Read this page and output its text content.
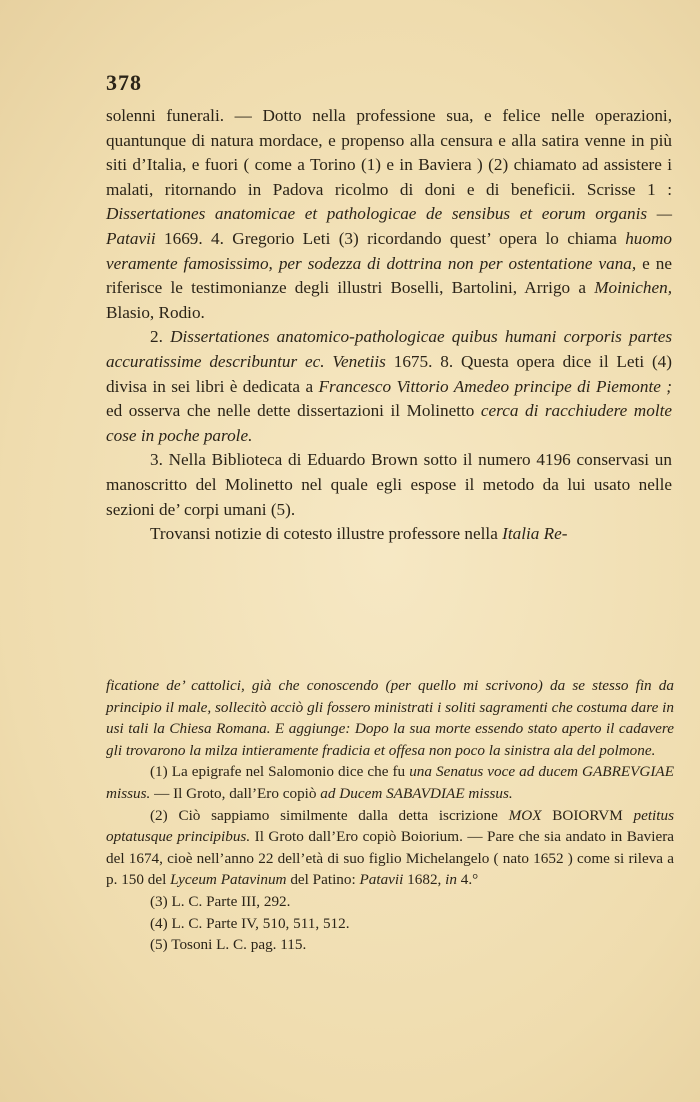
378

solenni funerali. — Dotto nella professione sua, e felice nelle operazioni, quantunque di natura mordace, e propenso alla censura e alla satira venne in più siti d’Italia, e fuori ( come a Torino (1) e in Baviera ) (2) chiamato ad assistere i malati, ritornando in Padova ricolmo di doni e di beneficii. Scrisse 1 : Dissertationes anatomicae et pathologicae de sensibus et eorum organis — Patavii 1669. 4. Gregorio Leti (3) ricordando quest’ opera lo chiama huomo veramente famosissimo, per sodezza di dottrina non per ostentatione vana, e ne riferisce le testimonianze degli illustri Boselli, Bartolini, Arrigo a Moinichen, Blasio, Rodio.

2. Dissertationes anatomico-pathologicae quibus humani corporis partes accuratissime describuntur ec. Venetiis 1675. 8. Questa opera dice il Leti (4) divisa in sei libri è dedicata a Francesco Vittorio Amedeo principe di Piemonte ; ed osserva che nelle dette dissertazioni il Molinetto cerca di racchiudere molte cose in poche parole.

3. Nella Biblioteca di Eduardo Brown sotto il numero 4196 conservasi un manoscritto del Molinetto nel quale egli espose il metodo da lui usato nelle sezioni de’ corpi umani (5).

Trovansi notizie di cotesto illustre professore nella Italia Re-

ficatione de’ cattolici, già che conoscendo (per quello mi scrivono) da se stesso fin da principio il male, sollecitò acciò gli fossero ministrati i soliti sagramenti che costuma dare in usi tali la Chiesa Romana. E aggiunge: Dopo la sua morte essendo stato aperto il cadavere gli trovarono la milza intieramente fradicia et offesa non poco la sinistra ala del polmone.

(1) La epigrafe nel Salomonio dice che fu una Senatus voce ad ducem GABREVGIAE missus. — Il Groto, dall’Ero copiò ad Ducem SABAVDIAE missus.

(2) Ciò sappiamo similmente dalla detta iscrizione MOX BOIORVM petitus optatusque principibus. Il Groto dall’Ero copiò Boiorium. — Pare che sia andato in Baviera del 1674, cioè nell’anno 22 dell’età di suo figlio Michelangelo ( nato 1652 ) come si rileva a p. 150 del Lyceum Patavinum del Patino: Patavii 1682, in 4.°

(3) L. C. Parte III, 292.

(4) L. C. Parte IV, 510, 511, 512.

(5) Tosoni L. C. pag. 115.
